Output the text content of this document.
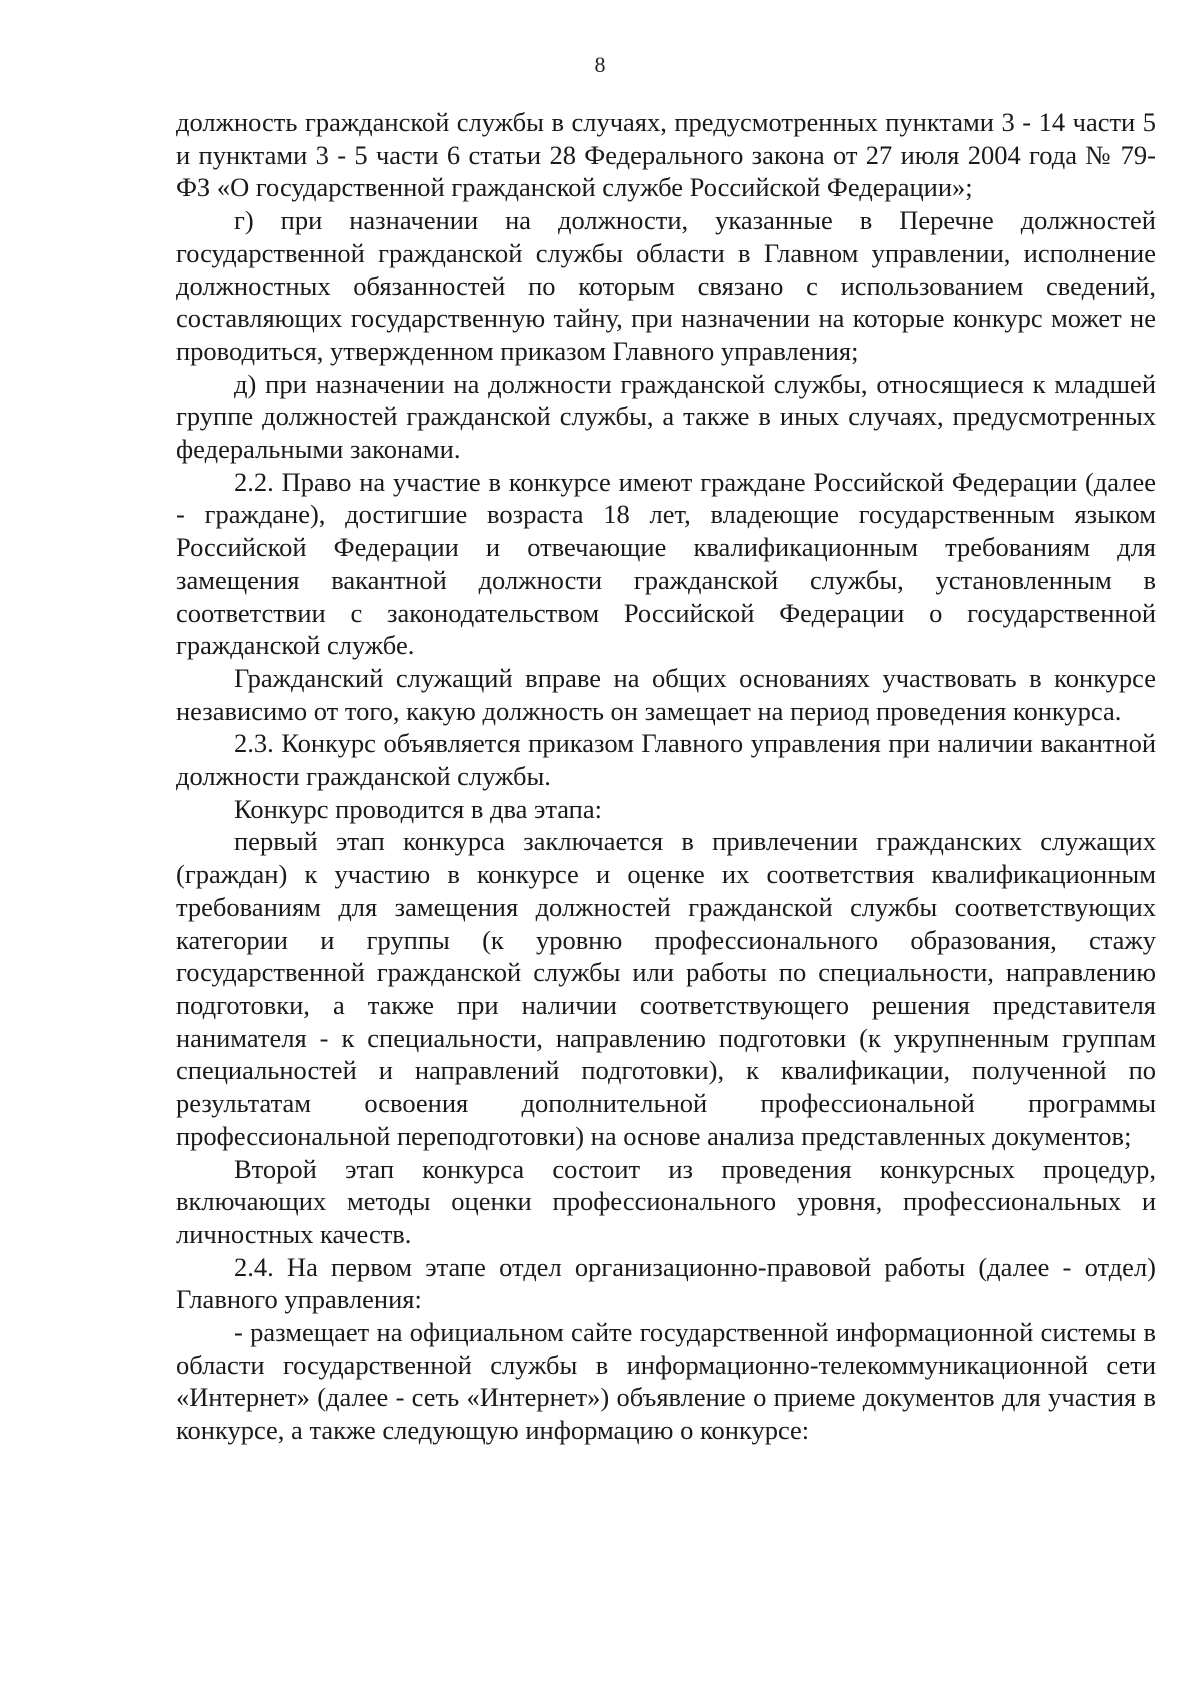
8

должность гражданской службы в случаях, предусмотренных пунктами 3 - 14 части 5 и пунктами 3 - 5 части 6 статьи 28 Федерального закона от 27 июля 2004 года № 79-ФЗ «О государственной гражданской службе Российской Федерации»;

г) при назначении на должности, указанные в Перечне должностей государственной гражданской службы области в Главном управлении, исполнение должностных обязанностей по которым связано с использованием сведений, составляющих государственную тайну, при назначении на которые конкурс может не проводиться, утвержденном приказом Главного управления;

д) при назначении на должности гражданской службы, относящиеся к младшей группе должностей гражданской службы, а также в иных случаях, предусмотренных федеральными законами.

2.2. Право на участие в конкурсе имеют граждане Российской Федерации (далее - граждане), достигшие возраста 18 лет, владеющие государственным языком Российской Федерации и отвечающие квалификационным требованиям для замещения вакантной должности гражданской службы, установленным в соответствии с законодательством Российской Федерации о государственной гражданской службе.

Гражданский служащий вправе на общих основаниях участвовать в конкурсе независимо от того, какую должность он замещает на период проведения конкурса.

2.3. Конкурс объявляется приказом Главного управления при наличии вакантной должности гражданской службы.

Конкурс проводится в два этапа:

первый этап конкурса заключается в привлечении гражданских служащих (граждан) к участию в конкурсе и оценке их соответствия квалификационным требованиям для замещения должностей гражданской службы соответствующих категории и группы (к уровню профессионального образования, стажу государственной гражданской службы или работы по специальности, направлению подготовки, а также при наличии соответствующего решения представителя нанимателя - к специальности, направлению подготовки (к укрупненным группам специальностей и направлений подготовки), к квалификации, полученной по результатам освоения дополнительной профессиональной программы профессиональной переподготовки) на основе анализа представленных документов;

Второй этап конкурса состоит из проведения конкурсных процедур, включающих методы оценки профессионального уровня, профессиональных и личностных качеств.

2.4. На первом этапе отдел организационно-правовой работы (далее - отдел) Главного управления:

- размещает на официальном сайте государственной информационной системы в области государственной службы в информационно-телекоммуникационной сети «Интернет» (далее - сеть «Интернет») объявление о приеме документов для участия в конкурсе, а также следующую информацию о конкурсе:
